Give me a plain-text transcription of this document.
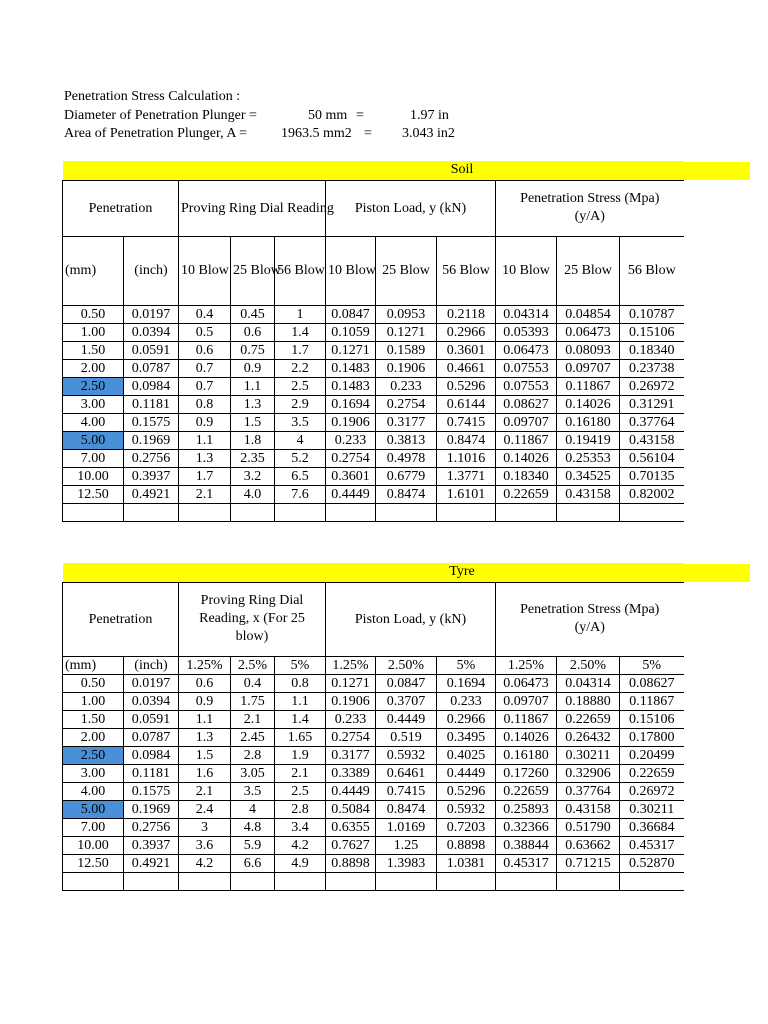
Penetration Stress Calculation :
Diameter of Penetration Plunger =	50 mm =	1.97 in
Area of Penetration Plunger, A = 1963.5 mm2 = 3.043 in2
Soil										
Penetration		Proving Ring Dial Reading			Piston Load, y (kN)			Penetration Stress (Mpa) (y/A)		
(mm)	(inch)	10 Blow	25 Blow	56 Blow	10 Blow	25 Blow	56 Blow	10 Blow	25 Blow	56 Blow
0.50	0.0197	0.4	0.45	1	0.0847	0.0953	0.2118	0.04314	0.04854	0.10787
1.00	0.0394	0.5	0.6	1.4	0.1059	0.1271	0.2966	0.05393	0.06473	0.15106
1.50	0.0591	0.6	0.75	1.7	0.1271	0.1589	0.3601	0.06473	0.08093	0.18340
2.00	0.0787	0.7	0.9	2.2	0.1483	0.1906	0.4661	0.07553	0.09707	0.23738
2.50	0.0984	0.7	1.1	2.5	0.1483	0.233	0.5296	0.07553	0.11867	0.26972
3.00	0.1181	0.8	1.3	2.9	0.1694	0.2754	0.6144	0.08627	0.14026	0.31291
4.00	0.1575	0.9	1.5	3.5	0.1906	0.3177	0.7415	0.09707	0.16180	0.37764
5.00	0.1969	1.1	1.8	4	0.233	0.3813	0.8474	0.11867	0.19419	0.43158
7.00	0.2756	1.3	2.35	5.2	0.2754	0.4978	1.1016	0.14026	0.25353	0.56104
10.00	0.3937	1.7	3.2	6.5	0.3601	0.6779	1.3771	0.18340	0.34525	0.70135
12.50	0.4921	2.1	4.0	7.6	0.4449	0.8474	1.6101	0.22659	0.43158	0.82002

Tyre										
Penetration		Proving Ring Dial Reading, x (For 25 blow)			Piston Load, y (kN)			Penetration Stress (Mpa) (y/A)		
(mm)	(inch)	1.25%	2.5%	5%	1.25%	2.50%	5%	1.25%	2.50%	5%
0.50	0.0197	0.6	0.4	0.8	0.1271	0.0847	0.1694	0.06473	0.04314	0.08627
1.00	0.0394	0.9	1.75	1.1	0.1906	0.3707	0.233	0.09707	0.18880	0.11867
1.50	0.0591	1.1	2.1	1.4	0.233	0.4449	0.2966	0.11867	0.22659	0.15106
2.00	0.0787	1.3	2.45	1.65	0.2754	0.519	0.3495	0.14026	0.26432	0.17800
2.50	0.0984	1.5	2.8	1.9	0.3177	0.5932	0.4025	0.16180	0.30211	0.20499
3.00	0.1181	1.6	3.05	2.1	0.3389	0.6461	0.4449	0.17260	0.32906	0.22659
4.00	0.1575	2.1	3.5	2.5	0.4449	0.7415	0.5296	0.22659	0.37764	0.26972
5.00	0.1969	2.4	4	2.8	0.5084	0.8474	0.5932	0.25893	0.43158	0.30211
7.00	0.2756	3	4.8	3.4	0.6355	1.0169	0.7203	0.32366	0.51790	0.36684
10.00	0.3937	3.6	5.9	4.2	0.7627	1.25	0.8898	0.38844	0.63662	0.45317
12.50	0.4921	4.2	6.6	4.9	0.8898	1.3983	1.0381	0.45317	0.71215	0.52870
